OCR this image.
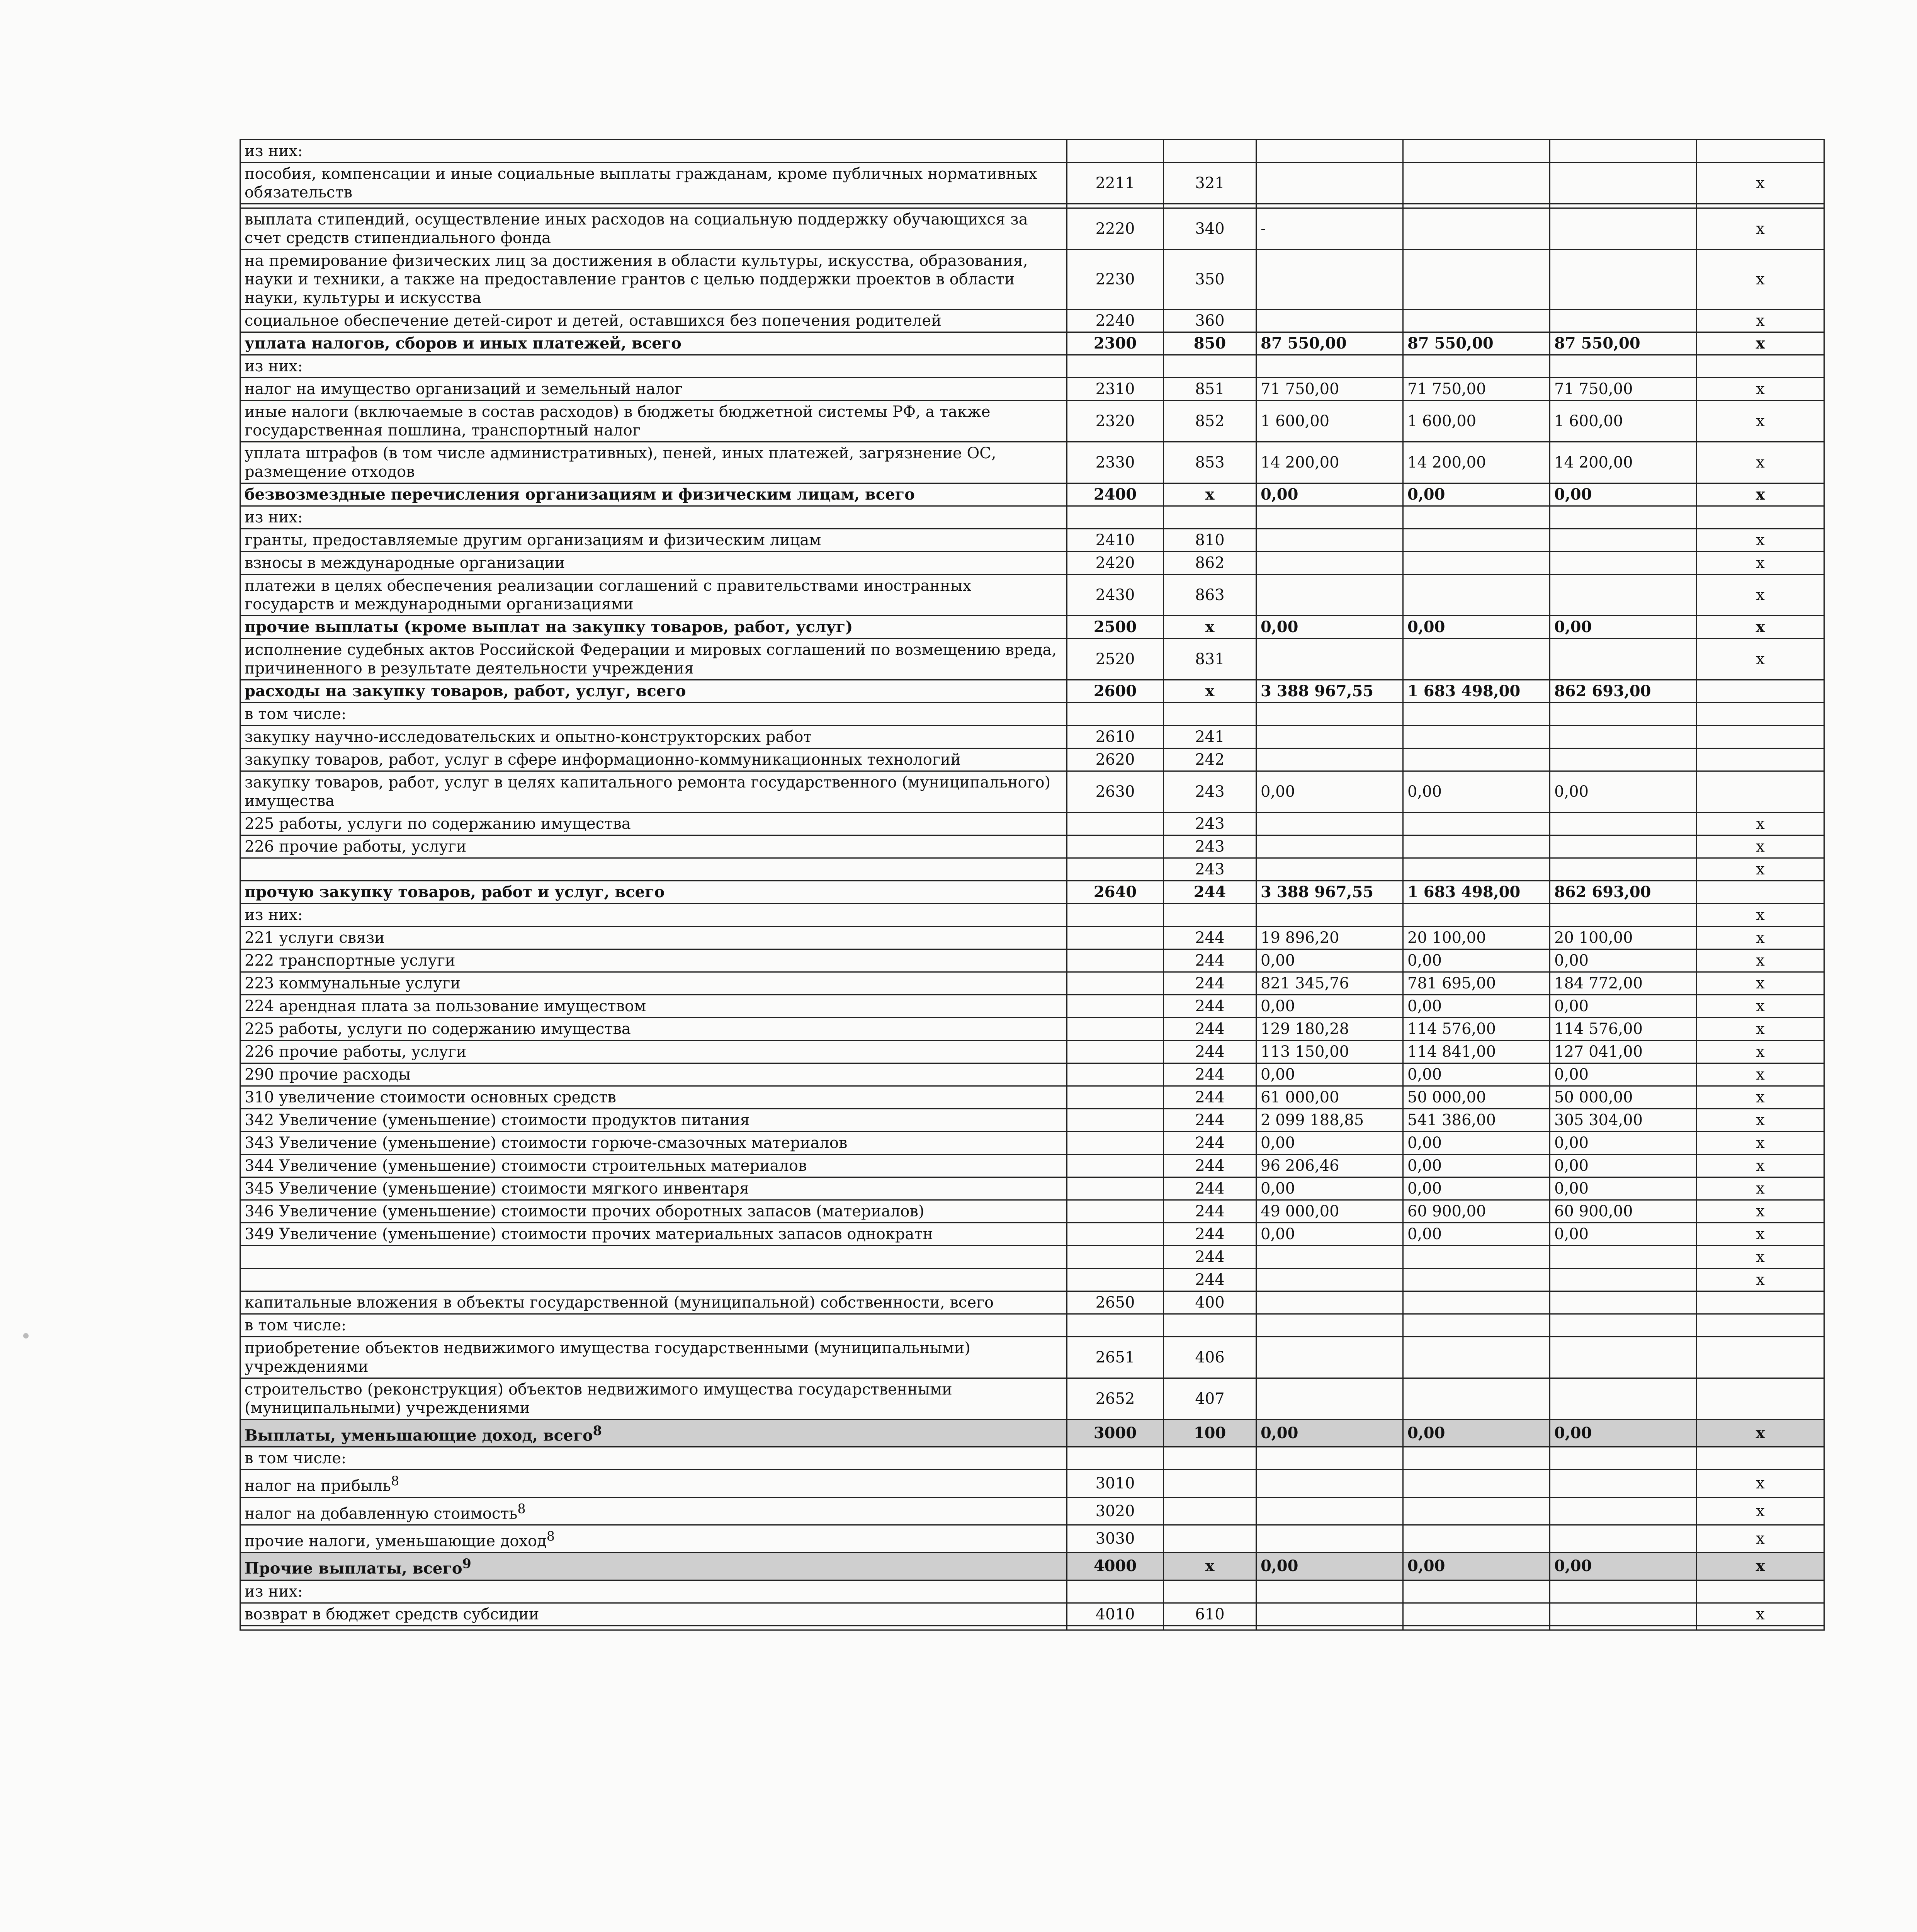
из них:						
пособия, компенсации и иные социальные выплаты гражданам, кроме публичных нормативных обязательств	2211	321				x

выплата стипендий, осуществление иных расходов на социальную поддержку обучающихся за счет средств стипендиального фонда	2220	340	-			x
на премирование физических лиц за достижения в области культуры, искусства, образования, науки и техники, а также на предоставление грантов с целью поддержки проектов в области науки, культуры и искусства	2230	350				x
социальное обеспечение детей-сирот и детей, оставшихся без попечения родителей	2240	360				x
уплата налогов, сборов и иных платежей, всего	2300	850	87 550,00	87 550,00	87 550,00	x
из них:						
налог на имущество организаций и земельный налог	2310	851	71 750,00	71 750,00	71 750,00	x
иные налоги (включаемые в состав расходов) в бюджеты бюджетной системы РФ, а также государственная пошлина, транспортный налог	2320	852	1 600,00	1 600,00	1 600,00	x
уплата штрафов (в том числе административных), пеней, иных платежей, загрязнение ОС, размещение отходов	2330	853	14 200,00	14 200,00	14 200,00	x
безвозмездные перечисления организациям и физическим лицам, всего	2400	x	0,00	0,00	0,00	x
из них:						
гранты, предоставляемые другим организациям и физическим лицам	2410	810				x
взносы в международные организации	2420	862				x
платежи в целях обеспечения реализации соглашений с правительствами иностранных государств и международными организациями	2430	863				x
прочие выплаты (кроме выплат на закупку товаров, работ, услуг)	2500	x	0,00	0,00	0,00	x
исполнение судебных актов Российской Федерации и мировых соглашений по возмещению вреда, причиненного в результате деятельности учреждения	2520	831				x
расходы на закупку товаров, работ, услуг, всего	2600	x	3 388 967,55	1 683 498,00	862 693,00	
в том числе:						
закупку научно-исследовательских и опытно-конструкторских работ	2610	241				
закупку товаров, работ, услуг в сфере информационно-коммуникационных технологий	2620	242				
закупку товаров, работ, услуг в целях капитального ремонта государственного (муниципального) имущества	2630	243	0,00	0,00	0,00	
225 работы, услуги по содержанию имущества		243				x
226 прочие работы, услуги		243				x
		243				x
прочую закупку товаров, работ и услуг, всего	2640	244	3 388 967,55	1 683 498,00	862 693,00	
из них:						x
221 услуги связи		244	19 896,20	20 100,00	20 100,00	x
222 транспортные услуги		244	0,00	0,00	0,00	x
223 коммунальные услуги		244	821 345,76	781 695,00	184 772,00	x
224 арендная плата за пользование имуществом		244	0,00	0,00	0,00	x
225 работы, услуги по содержанию имущества		244	129 180,28	114 576,00	114 576,00	x
226 прочие работы, услуги		244	113 150,00	114 841,00	127 041,00	x
290 прочие расходы		244	0,00	0,00	0,00	x
310 увеличение стоимости основных средств		244	61 000,00	50 000,00	50 000,00	x
342 Увеличение (уменьшение) стоимости продуктов питания		244	2 099 188,85	541 386,00	305 304,00	x
343 Увеличение (уменьшение) стоимости горюче-смазочных материалов		244	0,00	0,00	0,00	x
344 Увеличение (уменьшение) стоимости строительных материалов		244	96 206,46	0,00	0,00	x
345 Увеличение (уменьшение) стоимости мягкого инвентаря		244	0,00	0,00	0,00	x
346 Увеличение (уменьшение) стоимости прочих оборотных запасов (материалов)		244	49 000,00	60 900,00	60 900,00	x
349 Увеличение (уменьшение) стоимости прочих материальных запасов однократн		244	0,00	0,00	0,00	x
		244				x
		244				x
капитальные вложения в объекты государственной (муниципальной) собственности, всего	2650	400				
в том числе:						
приобретение объектов недвижимого имущества государственными (муниципальными) учреждениями	2651	406				
строительство (реконструкция) объектов недвижимого имущества государственными (муниципальными) учреждениями	2652	407				
Выплаты, уменьшающие доход, всего$^8$	3000	100	0,00	0,00	0,00	x
в том числе:						
налог на прибыль$^8$	3010					x
налог на добавленную стоимость$^8$	3020					x
прочие налоги, уменьшающие доход$^8$	3030					x
Прочие выплаты, всего$^9$	4000	x	0,00	0,00	0,00	x
из них:						
возврат в бюджет средств субсидии	4010	610				x
